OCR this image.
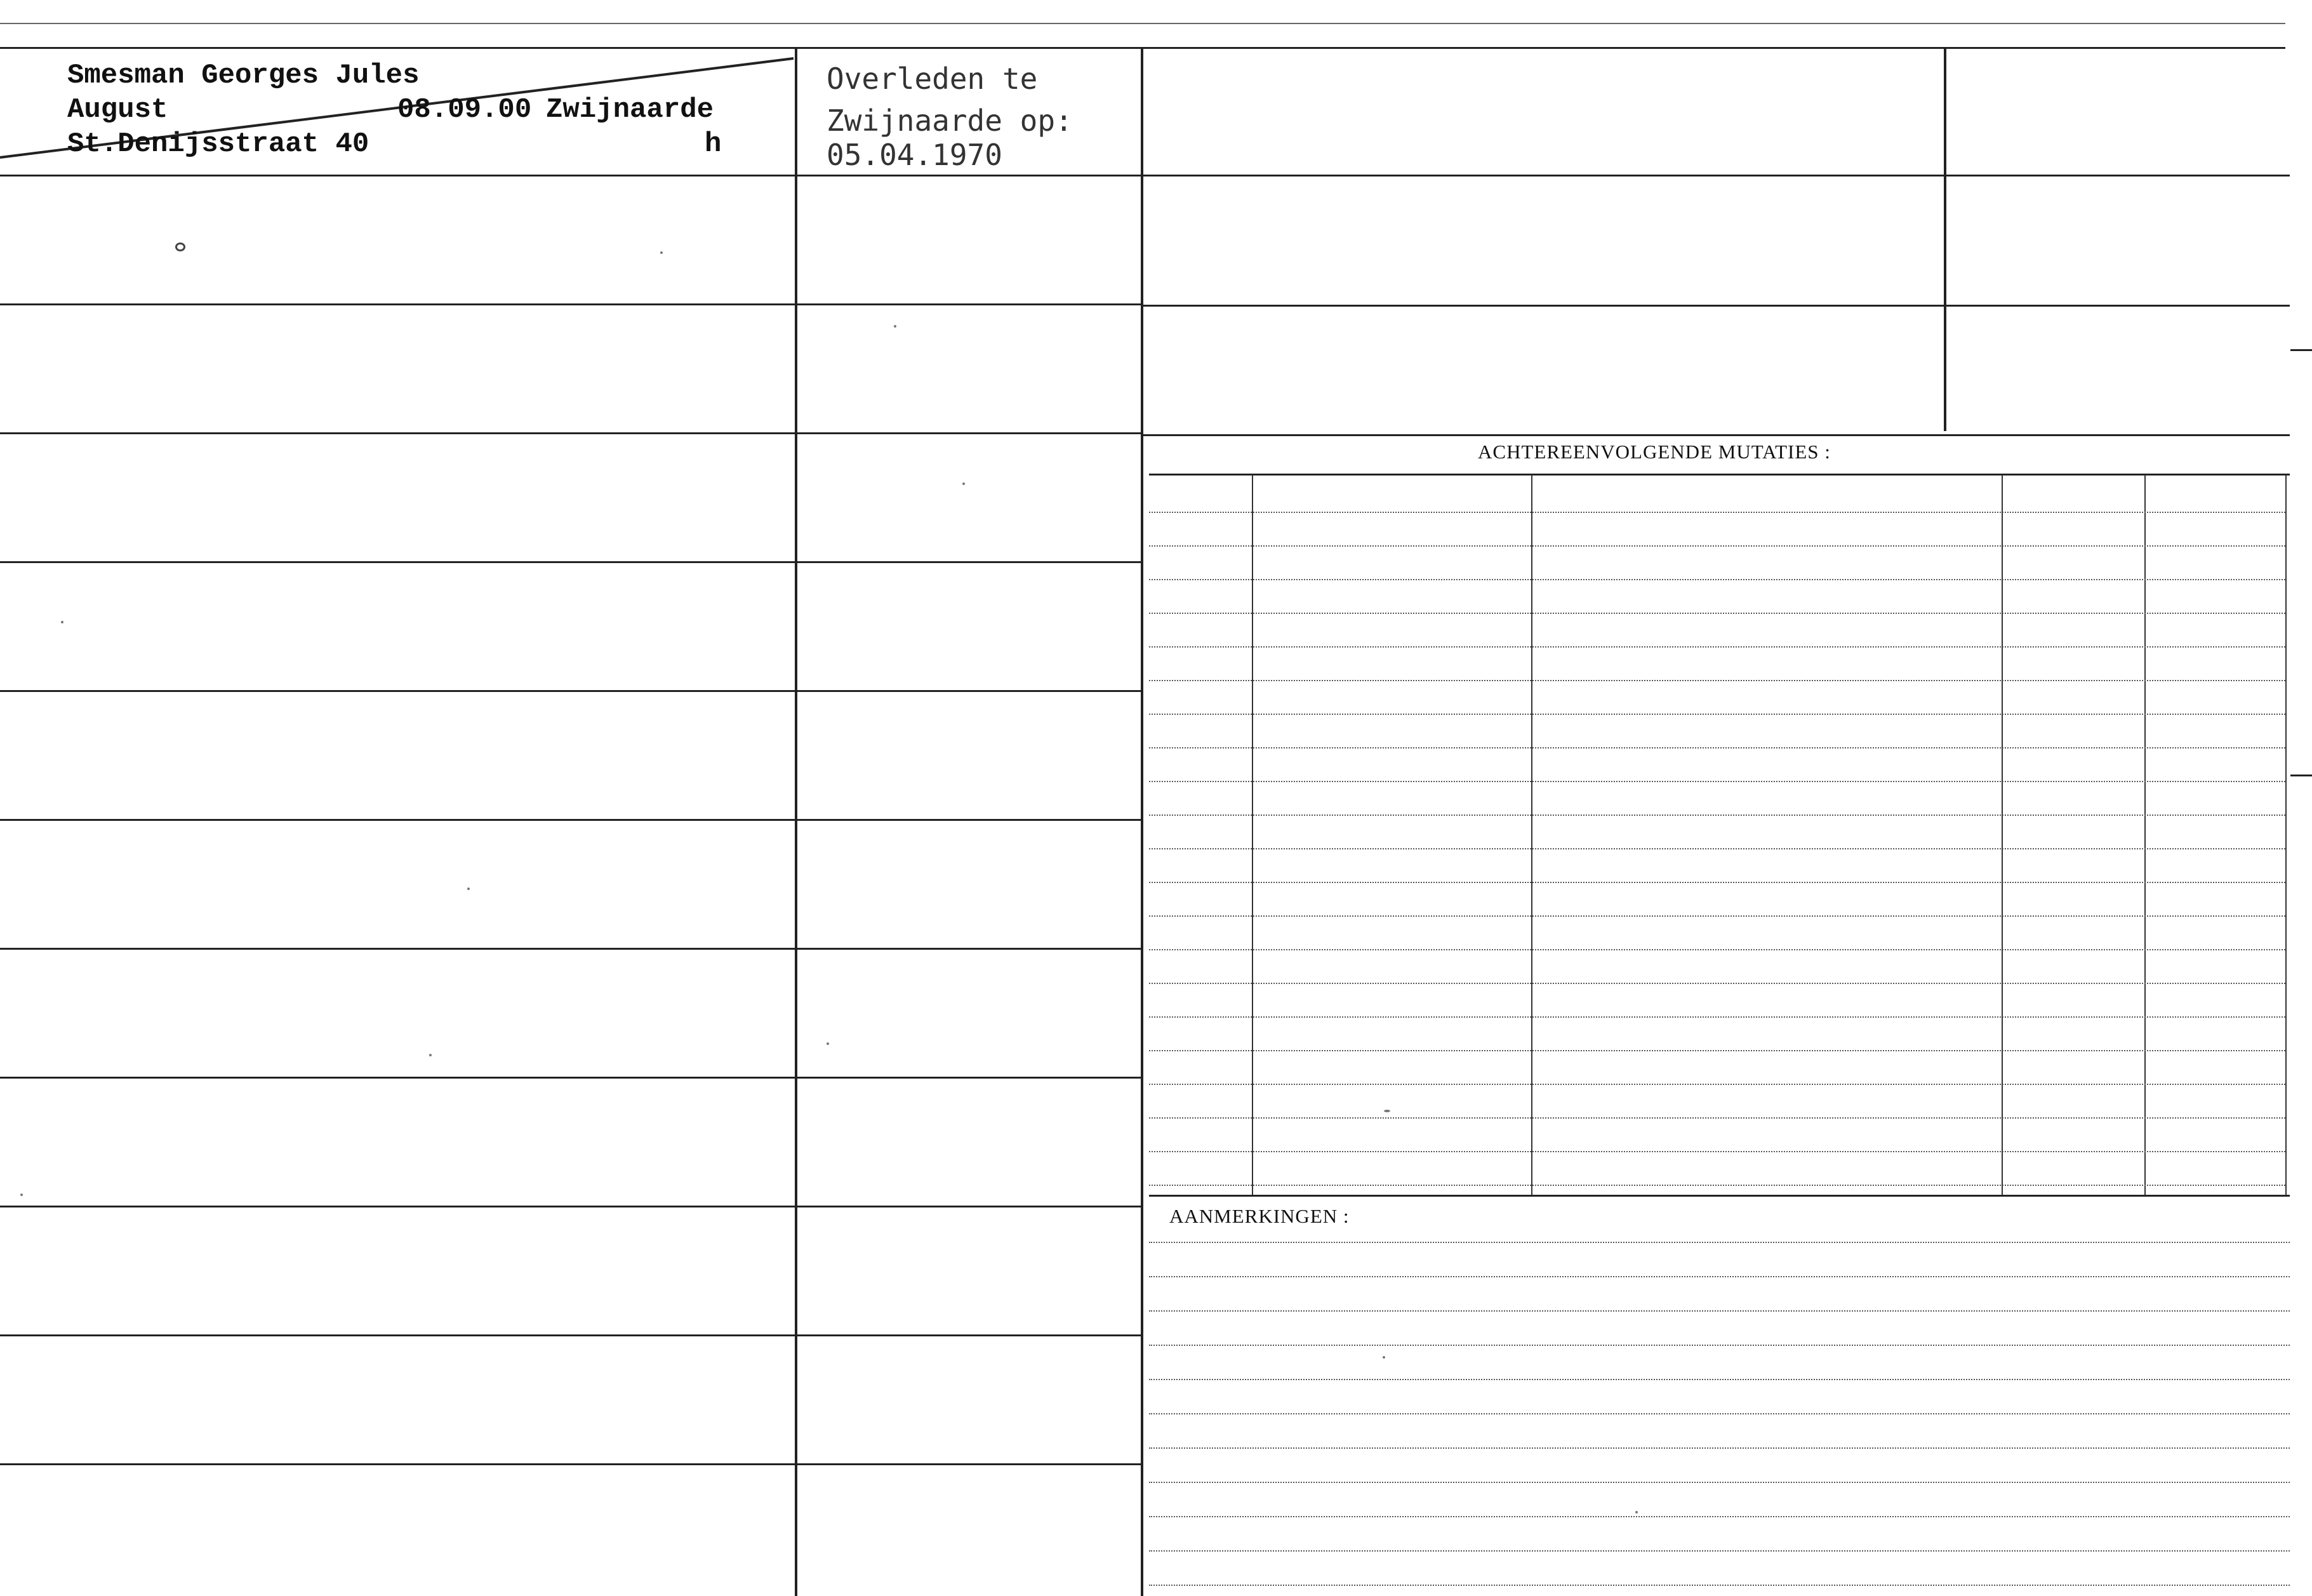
Smesman Georges Jules
August	08.09.00 Zwijnaarde
St.Denijsstraat 40	h
Overleden te
Zwijnaarde op:
05.04.1970
ACHTEREENVOLGENDE MUTATIES :
AANMERKINGEN :
